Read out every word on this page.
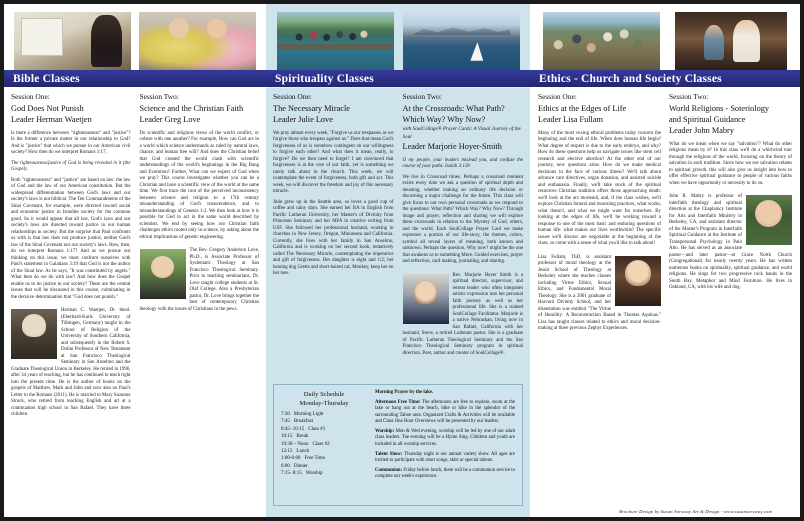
Bible Classes
Session One:
God Does Not Punish
Leader Herman Waetjen

Is there a difference between "righteousness" and "justice"? Is the former a private matter in our relationship to God? And is "justice" that which we pursue in our American civil society? How then do we interpret Romans 1:17,

The righteousness/justice of God is being revealed in it (the Gospel).

Both "righteousness" and "justice" are based on law: the law of God and the law of our American constitution. But the widespread differentiation between God's laws and our society's laws is not biblical. The Ten Commandments of the Sinai Covenant, for example, were directed toward social and economic justice in Israelite society for the common good. So it would appear that all law, God's laws and our society's laws are directed toward justice in our human relationships in society. But the surprise that Paul confronts us with is that law does not produce justice, neither God's law of the Sinai Covenant nor our society's laws. How, then, do we interpret Romans 1:17? And as we pursue our thinking on this issue, we must confront ourselves with Paul's statement in Galatians 3:19 that God is not the author of the Sinai law. As he says, "It was constituted by angels." What then do we do with law? And how does the Gospel enable us to do justice in our society? These are the central issues that will be discussed in this course, culminating in the decisive determination that "God does not punish."

Herman C. Waetjen, Dr. theol. (Eberhard-Karls University of Tübingen, Germany) taught in the School of Religion of the University of Southern California, and subsequently in the Robert S. Dollar Professor of New Testament at San Francisco Theological Seminary in San Anselmo and the Graduate Theological Union in Berkeley. He retired in 1996, after 34 years of teaching, but he has continued to teach right into the present time. He is the author of books on the gospels of Matthew, Mark and John and now also on Paul's Letter to the Romans (2011). He is married to Mary Suzanne Struck, who retired from teaching English and art at a continuation high school in San Rafael. They have three children.
Session Two:
Science and the Christian Faith
Leader Greg Love

Do scientific and religious views of the world conflict, or cohere with one another? For example, How can God act in a world which science understands as ruled by natural laws, chance, and human free will? And does the Christian belief that God created the world clash with scientific understandings of the world's beginnings in the Big Bang and Evolution? Further, What can we expect of God when we pray? This course investigates whether you can be a Christian and have a scientific view of the world at the same time. We first trace the root of the perceived inconsistency between science and religion to a 17th century misunderstanding of God's transcendence, and to misunderstandings of Genesis 1-2. We then look at how it is possible for God to act in the same world described by scientists. We end by seeing how our Christian faith challenges ethics rooted only in science, by asking about the ethical implications of genetic engineering.

The Rev. Gregory Anderson Love, Ph.D., is Associate Professor of Systematic Theology at San Francisco Theological Seminary. Prior to teaching seminarians, Dr. Love taught college students at St. Olaf College. Also a Presbyterian pastor, Dr. Love brings together the best of contemporary Christian theology with the issues of Christians in the pews.
Spirituality Classes
Session One:
The Necessary Miracle
Leader Julie Love

We pray almost every week, "Forgive us our trespasses as we forgive those who trespass against us." Does that mean God's forgiveness of us is somehow contingent on our willingness to forgive each other? And what does it mean, really, to forgive? Do we then need to forget? I am convinced that forgiveness is at the core of our faith, yet is something we rarely talk about in the church. This week, we will contemplate the event of forgiveness, both gift and act. This week, we will discover the freedom and joy of this necessary miracle.

Julie grew up in the Seattle area, so loves a good cup of coffee and rainy days. She earned her BA in English from Pacific Lutheran University, her Master's of Divinity from Princeton Seminary and her MFA in creative writing from USF. She followed her professional husband, working in churches in New Jersey, Oregon, Minnesota and California. Currently, she lives with her family in San Anselmo, California and is working on her second book, tentatively called The Necessary Miracle, contemplating the imperative and gift of forgiveness. Her daughter is eight and 1/2; her hearing dog Gretta and short-haired cat, Monkey, keep her on her toes.

Session Two:
At the Crossroads: What Path?
Which Way? Why Now?
with SoulCollage® Prayer Cards: A Visual Journey of the Soul
Leader Marjorie Hoyer-Smith

O my people, your leaders mislead you, and confuse the course of your paths. Isaiah 3:12b

We live in Crossroad times. Perhaps a crossroad moment exists every time we ask a question of spiritual depth and meaning, whether making an ordinary life decision or discerning a major challenge for the future. This class will give focus to our own personal crossroads as we respond to the questions: What Path? Which Way? Why Now? Through image and prayer, reflection and sharing we will explore these crossroads in relation to the Mystery of God, others, and the world. Each SoulCollage Prayer Card we make expresses a portion of our life-story, the themes, colors, symbol all reveal layers of meaning, both known and unknown. Perhaps the question, Why now? might be the one that awakens us to something More. Guided exercises, prayer and reflection, card making, journaling, and sharing.

Rev. Marjorie Hoyer Smith is a spiritual director, supervisor, and retreat leader who often integrates artistic expression into her personal faith journey as well as her professional life. She is a trained SoulCollage Facilitator. Marjorie is a native Nebraskan, living now in San Rafael, California with her husband, Steve, a retired Lutheran pastor. She is a graduate of Pacific Lutheran Theological Seminary and the San Francisco Theological Seminary program in spiritual direction. Poet, author and creator of SoulCollage®.
Ethics - Church and Society Classes
Session One:
Ethics at the Edges of Life
Leader Lisa Fullam

Many of the most vexing ethical problems today concern the beginning and the end of life. When does human life begin? What degree of respect is due to the early embryo, and why? How do these questions help us navigate issues like stem cell research and elective abortion? At the other end of our journey, new questions arise. How do we make medical decisions in the face of various illness? We'll talk about advance care directives, organ donation, and assisted suicide and euthanasia. Finally, we'll take stock of the spiritual resources Christian tradition offers those approaching death: we'll look at the ars moriendi, and, if the class wishes, we'll explore Christian funeral and mourning practices, what works, what doesn't, and what we might want for ourselves. By looking at the edges of life, we'll be working toward a response to one of the most basic and enduring questions of human life: what makes our lives worthwhile? The specific issues we'll discuss are negotiable at the beginning of the class, so come with a sense of what you'd like to talk about!

Lisa Fullam, ThD, is assistant professor of moral theology at the Jesuit School of Theology at Berkeley where she teaches classes including Virtue Ethics, Sexual Ethics, and Fundamental Moral Theology. She is a 2001 graduate of Harvard Divinity School, and her dissertation was entitled "The Virtue of Humility: A Reconstruction Based in Thomas Aquinas." Lisa has taught classes related to ethics and moral decision-making at three previous Zephyr Experiences.
Session Two:
World Religions - Soteriology
and Spiritual Guidance
Leader John Mabry

What do we mean when we say "salvation"? What do other religions mean by it? In this class we'll do a whirlwind tour through the religions of the world, focusing on the theory of salvation in each tradition. Since how we see salvation relates to spiritual growth, this will also give us insight into how to offer effective spiritual guidance to people of various faiths when we have opportunity or necessity to do so.

John R. Mabry is professor of interfaith theology and spiritual direction at the Chaplaincy Institute for Arts and Interfaith Ministry in Berkeley, CA, and assistant director of the Master's Program in Interfaith Spiritual Guidance at the Institute of Transpersonal Psychology in Palo Alto. He has served as an associate pastor—and later pastor—at Grace North Church (Congregational) for nearly twenty years. He has written numerous books on spirituality, spiritual guidance, and world religions. He sings for two progressive rock bands in the South Bay, Metaphor and Mind Furniture. He lives in Oakland, CA, with his wife and dog.
Daily Schedule
Monday-Thursday
7:30 Morning Light
7:45 Breakfast
8:45- 10:15 Class #1
10:15 Break
10:30 – Noon Class #2
12:15 Lunch
1:00-6:00 Free Time
6:00 Dinner
7:15- 8:15 Worship
Morning Prayer by the lake.
Afternoon Free Time: The afternoons are free to explore, swim at the lake or hang out at the beach, bike or hike in the splendor of the surrounding Tahoe area. Organized Crafts & Activities will be available and Class One Hour Overviews will be presented by our leaders.
Worship: Mon & Wed evening, worship will be led by one of our adult class leaders. Tue evening will be a Hymn Sing. Children and youth are included in all worship services.
Talent Show: Thursday night is our annual variety show. All ages are invited to participate with short songs, skits or special talents.
Communion: Friday before lunch, there will be a communion service to complete our week's experience.
Brochure Design by Susan Sorsway Art & Design - www.susansorsway.com
